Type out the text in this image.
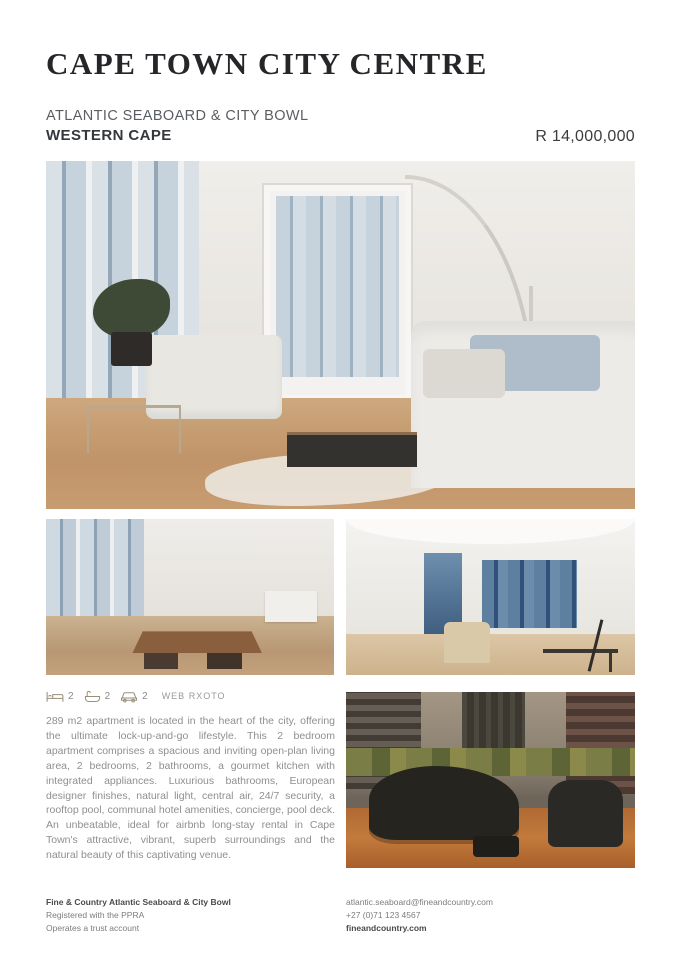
CAPE TOWN CITY CENTRE
ATLANTIC SEABOARD & CITY BOWL
WESTERN CAPE	R 14,000,000
2	2	2 WEB RXOTO

289 m2 apartment is located in the heart of the city, offering the ultimate lock-up-and-go lifestyle. This 2 bedroom apartment comprises a spacious and inviting open-plan living area, 2 bedrooms, 2 bathrooms, a gourmet kitchen with integrated appliances. Luxurious bathrooms, European designer finishes, natural light, central air, 24/7 security, a rooftop pool, communal hotel amenities, concierge, pool deck. An unbeatable, ideal for airbnb long-stay rental in Cape Town's attractive, vibrant, superb surroundings and the natural beauty of this captivating venue.

Fine & Country Atlantic Seaboard & City Bowl
Registered with the PPRA
Operates a trust account
atlantic.seaboard@fineandcountry.com
+27 (0)71 123 4567
fineandcountry.com
